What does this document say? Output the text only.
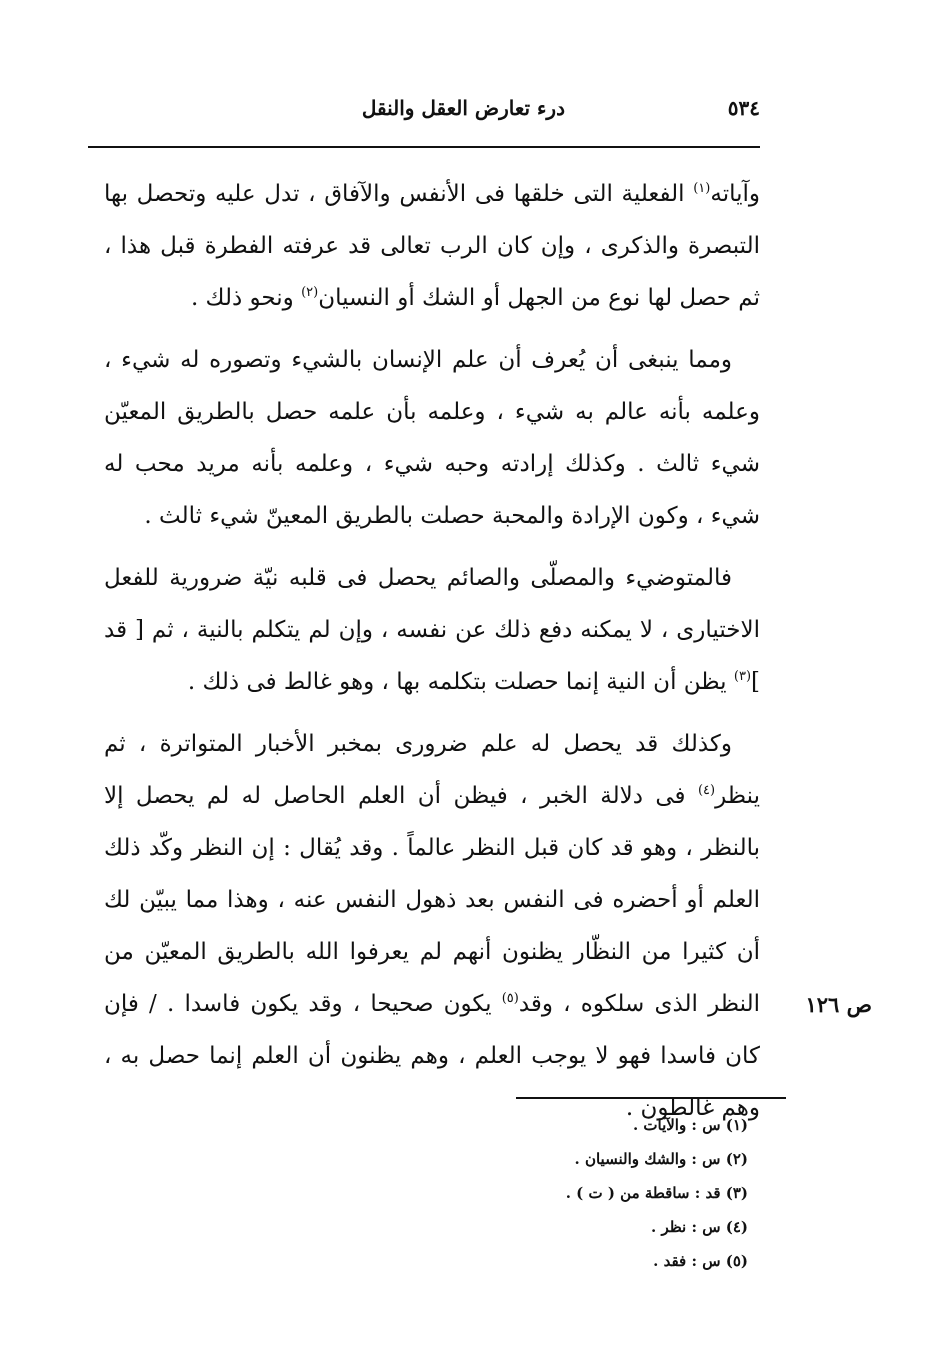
٥٣٤
درء تعارض العقل والنقل

وآياته$^{(١)}$ الفعلية التى خلقها فى الأنفس والآفاق ، تدل عليه وتحصل بها التبصرة والذكرى ، وإن كان الرب تعالى قد عرفته الفطرة قبل هذا ، ثم حصل لها نوع من الجهل أو الشك أو النسيان$^{(٢)}$ ونحو ذلك .

ومما ينبغى أن يُعرف أن علم الإنسان بالشيء وتصوره له شيء ، وعلمه بأنه عالم به شيء ، وعلمه بأن علمه حصل بالطريق المعيّن شيء ثالث . وكذلك إرادته وحبه شيء ، وعلمه بأنه مريد محب له شيء ، وكون الإرادة والمحبة حصلت بالطريق المعينّ شيء ثالث .

فالمتوضيء والمصلّى والصائم يحصل فى قلبه نيّة ضرورية للفعل الاختيارى ، لا يمكنه دفع ذلك عن نفسه ، وإن لم يتكلم بالنية ، ثم [ قد ]$^{(٣)}$ يظن أن النية إنما حصلت بتكلمه بها ، وهو غالط فى ذلك .

وكذلك قد يحصل له علم ضرورى بمخبر الأخبار المتواترة ، ثم ينظر$^{(٤)}$ فى دلالة الخبر ، فيظن أن العلم الحاصل له لم يحصل إلا بالنظر ، وهو قد كان قبل النظر عالماً . وقد يُقال : إن النظر وكّد ذلك العلم أو أحضره فى النفس بعد ذهول النفس عنه ، وهذا مما يبيّن لك أن كثيرا من النظّار يظنون أنهم لم يعرفوا الله بالطريق المعيّن من النظر الذى سلكوه ، وقد$^{(٥)}$ يكون صحيحا ، وقد يكون فاسدا . / فإن كان فاسدا فهو لا يوجب العلم ، وهم يظنون أن العلم إنما حصل به ، وهم غالطون .

ص ١٢٦
(١) س : والآيات .
(٢) س : والشك والنسيان .
(٣) قد : ساقطة من ( ت ) .
(٤) س : نظر .
(٥) س : فقد .
